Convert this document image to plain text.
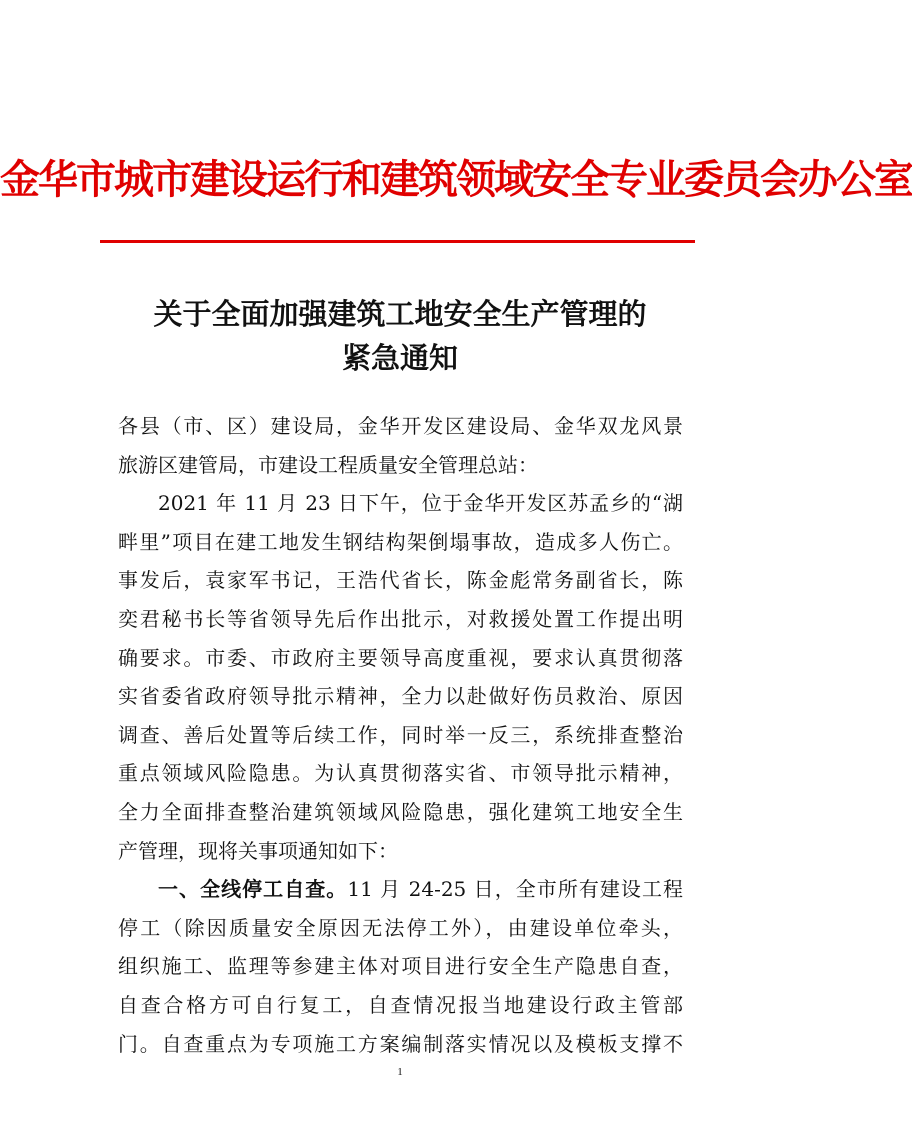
金华市城市建设运行和建筑领域安全专业委员会办公室
关于全面加强建筑工地安全生产管理的
紧急通知
各县（市、区）建设局，金华开发区建设局、金华双龙风景
旅游区建管局，市建设工程质量安全管理总站：
2021 年 11 月 23 日下午，位于金华开发区苏孟乡的“湖
畔里”项目在建工地发生钢结构架倒塌事故，造成多人伤亡。
事发后，袁家军书记，王浩代省长，陈金彪常务副省长，陈
奕君秘书长等省领导先后作出批示，对救援处置工作提出明
确要求。市委、市政府主要领导高度重视，要求认真贯彻落
实省委省政府领导批示精神，全力以赴做好伤员救治、原因
调查、善后处置等后续工作，同时举一反三，系统排查整治
重点领域风险隐患。为认真贯彻落实省、市领导批示精神，
全力全面排查整治建筑领域风险隐患，强化建筑工地安全生
产管理，现将关事项通知如下：
一、全线停工自查。11 月 24-25 日，全市所有建设工程
停工（除因质量安全原因无法停工外），由建设单位牵头，
组织施工、监理等参建主体对项目进行安全生产隐患自查，
自查合格方可自行复工，自查情况报当地建设行政主管部
门。自查重点为专项施工方案编制落实情况以及模板支撑不
1
